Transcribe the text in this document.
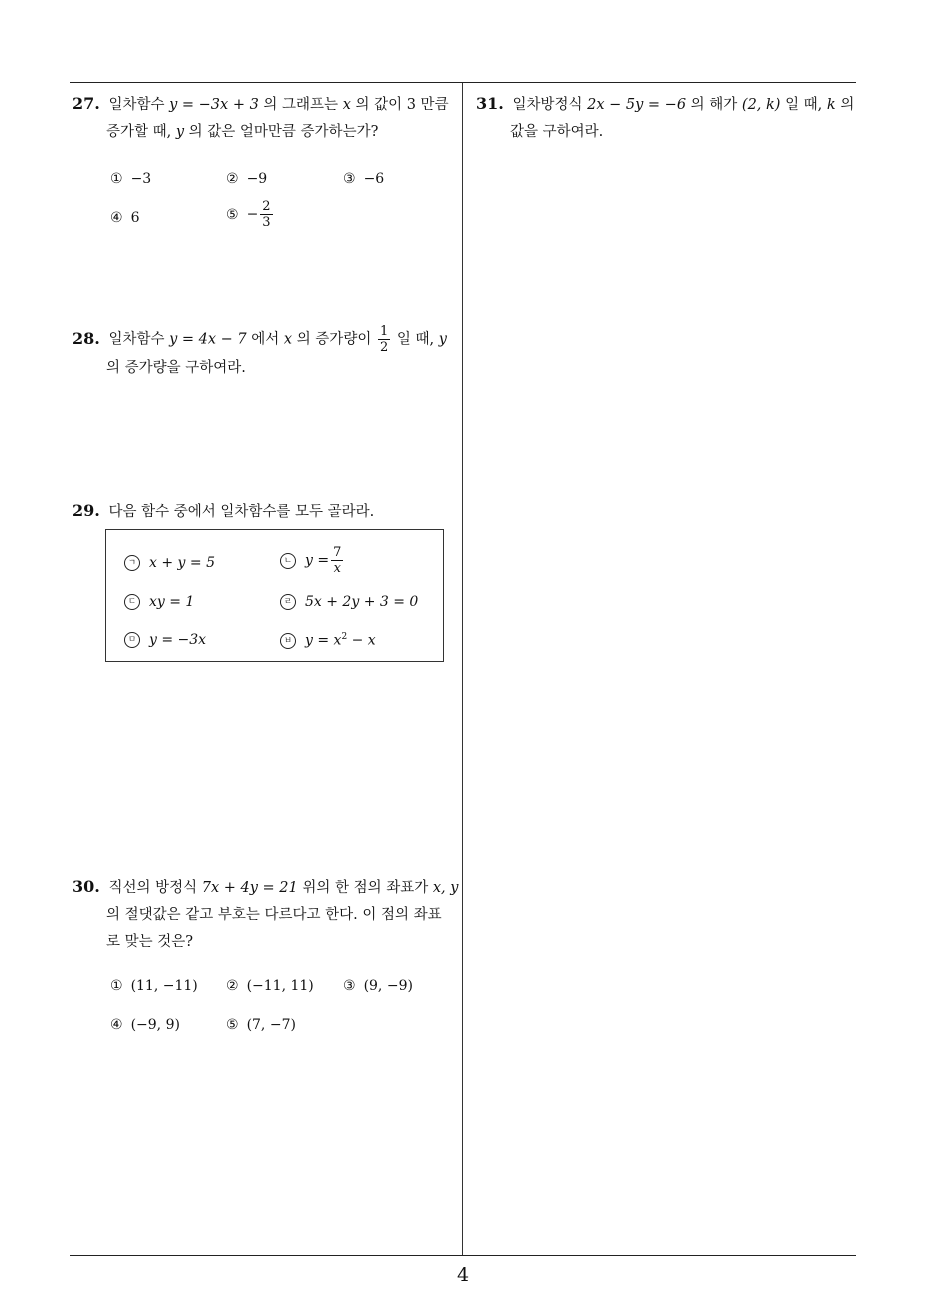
27. 일차함수 y = −3x + 3 의 그래프는 x 의 값이 3 만큼
증가할 때, y 의 값은 얼마만큼 증가하는가?
① −3	② −9	③ −6
④ 6	⑤ − $\frac{2}{3}$
28. 일차함수 y = 4x − 7 에서 x 의 증가량이 $\frac{1}{2}$ 일 때, y
의 증가량을 구하여라.
29. 다음 함수 중에서 일차함수를 모두 골라라.
ㄱ x + y = 5	ㄴ $y = \frac{7}{x}$
ㄷ xy = 1	ㄹ 5x + 2y + 3 = 0
ㅁ y = −3x	ㅂ $y = x^2 - x$
30. 직선의 방정식 7x + 4y = 21 위의 한 점의 좌표가 x, y
의 절댓값은 같고 부호는 다르다고 한다. 이 점의 좌표
로 맞는 것은?
① (11, −11) ② (−11, 11) ③ (9, −9)
④ (−9, 9)	⑤ (7, −7)
31. 일차방정식 2x − 5y = −6 의 해가 (2, k) 일 때, k 의
값을 구하여라.
4
